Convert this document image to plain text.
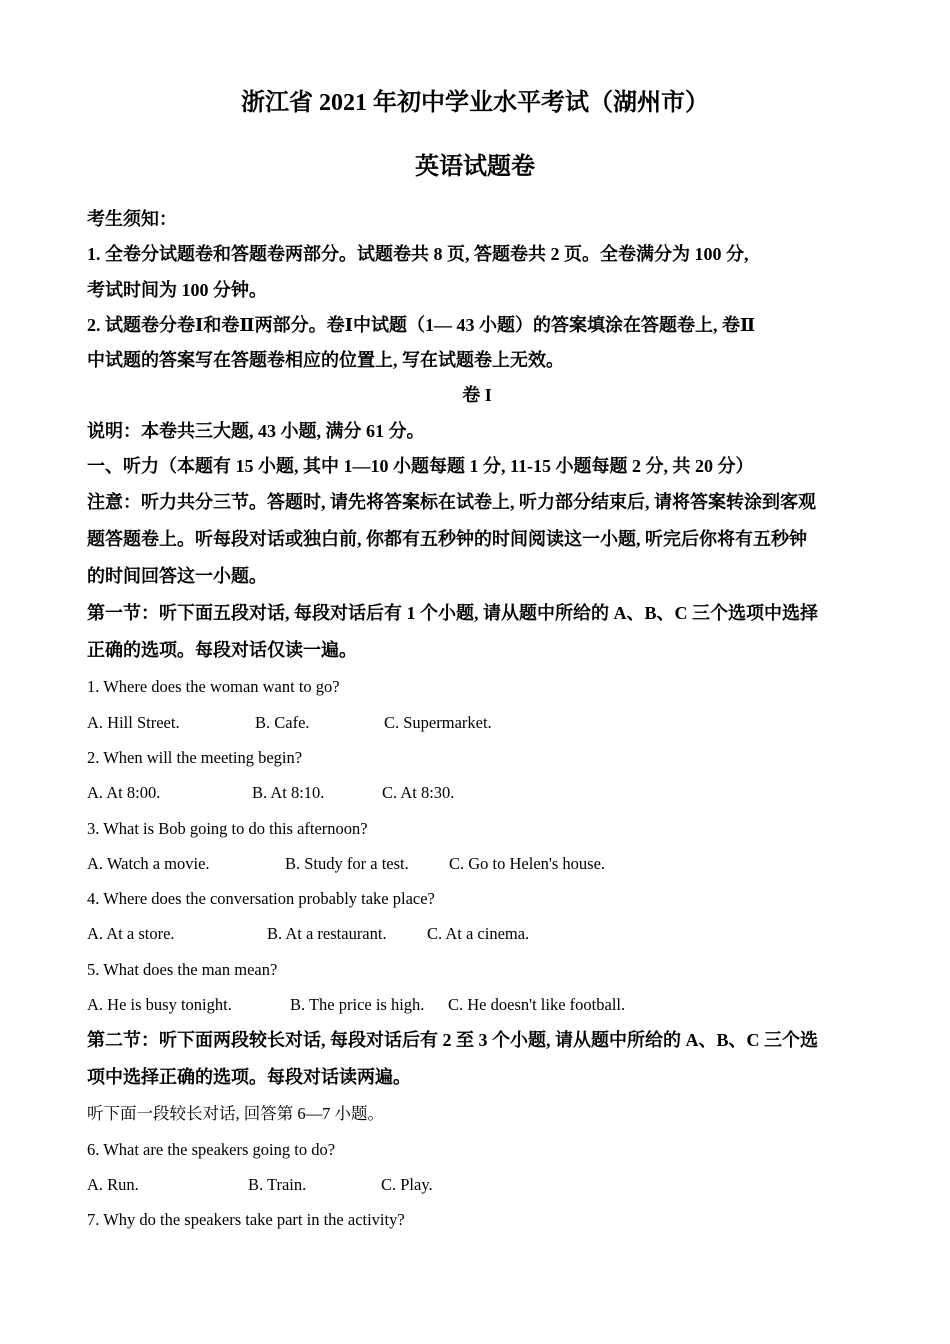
浙江省 2021 年初中学业水平考试（湖州市）
英语试题卷
考生须知：
1. 全卷分试题卷和答题卷两部分。试题卷共 8 页, 答题卷共 2 页。全卷满分为 100 分,
考试时间为 100 分钟。
2. 试题卷分卷Ⅰ和卷Ⅱ两部分。卷Ⅰ中试题（1— 43 小题）的答案填涂在答题卷上, 卷Ⅱ
中试题的答案写在答题卷相应的位置上, 写在试题卷上无效。
卷 I
说明：本卷共三大题, 43 小题, 满分 61 分。
一、听力（本题有 15 小题, 其中 1—10 小题每题 1 分, 11-15 小题每题 2 分, 共 20 分）
注意：听力共分三节。答题时, 请先将答案标在试卷上, 听力部分结束后, 请将答案转涂到客观
题答题卷上。听每段对话或独白前, 你都有五秒钟的时间阅读这一小题, 听完后你将有五秒钟
的时间回答这一小题。
第一节：听下面五段对话, 每段对话后有 1 个小题, 请从题中所给的 A、B、C 三个选项中选择
正确的选项。每段对话仅读一遍。
1. Where does the woman want to go?
A. Hill Street.	B. Cafe.	C. Supermarket.
2. When will the meeting begin?
A. At 8:00.	B. At 8:10.	C. At 8:30.
3. What is Bob going to do this afternoon?
A. Watch a movie.	B. Study for a test. C. Go to Helen's house.
4. Where does the conversation probably take place?
A. At a store.	B. At a restaurant. C. At a cinema.
5. What does the man mean?
A. He is busy tonight.	B. The price is high. C. He doesn't like football.
第二节：听下面两段较长对话, 每段对话后有 2 至 3 个小题, 请从题中所给的 A、B、C 三个选
项中选择正确的选项。每段对话读两遍。
听下面一段较长对话, 回答第 6—7 小题。
6. What are the speakers going to do?
A. Run.	B. Train.	C. Play.
7. Why do the speakers take part in the activity?
